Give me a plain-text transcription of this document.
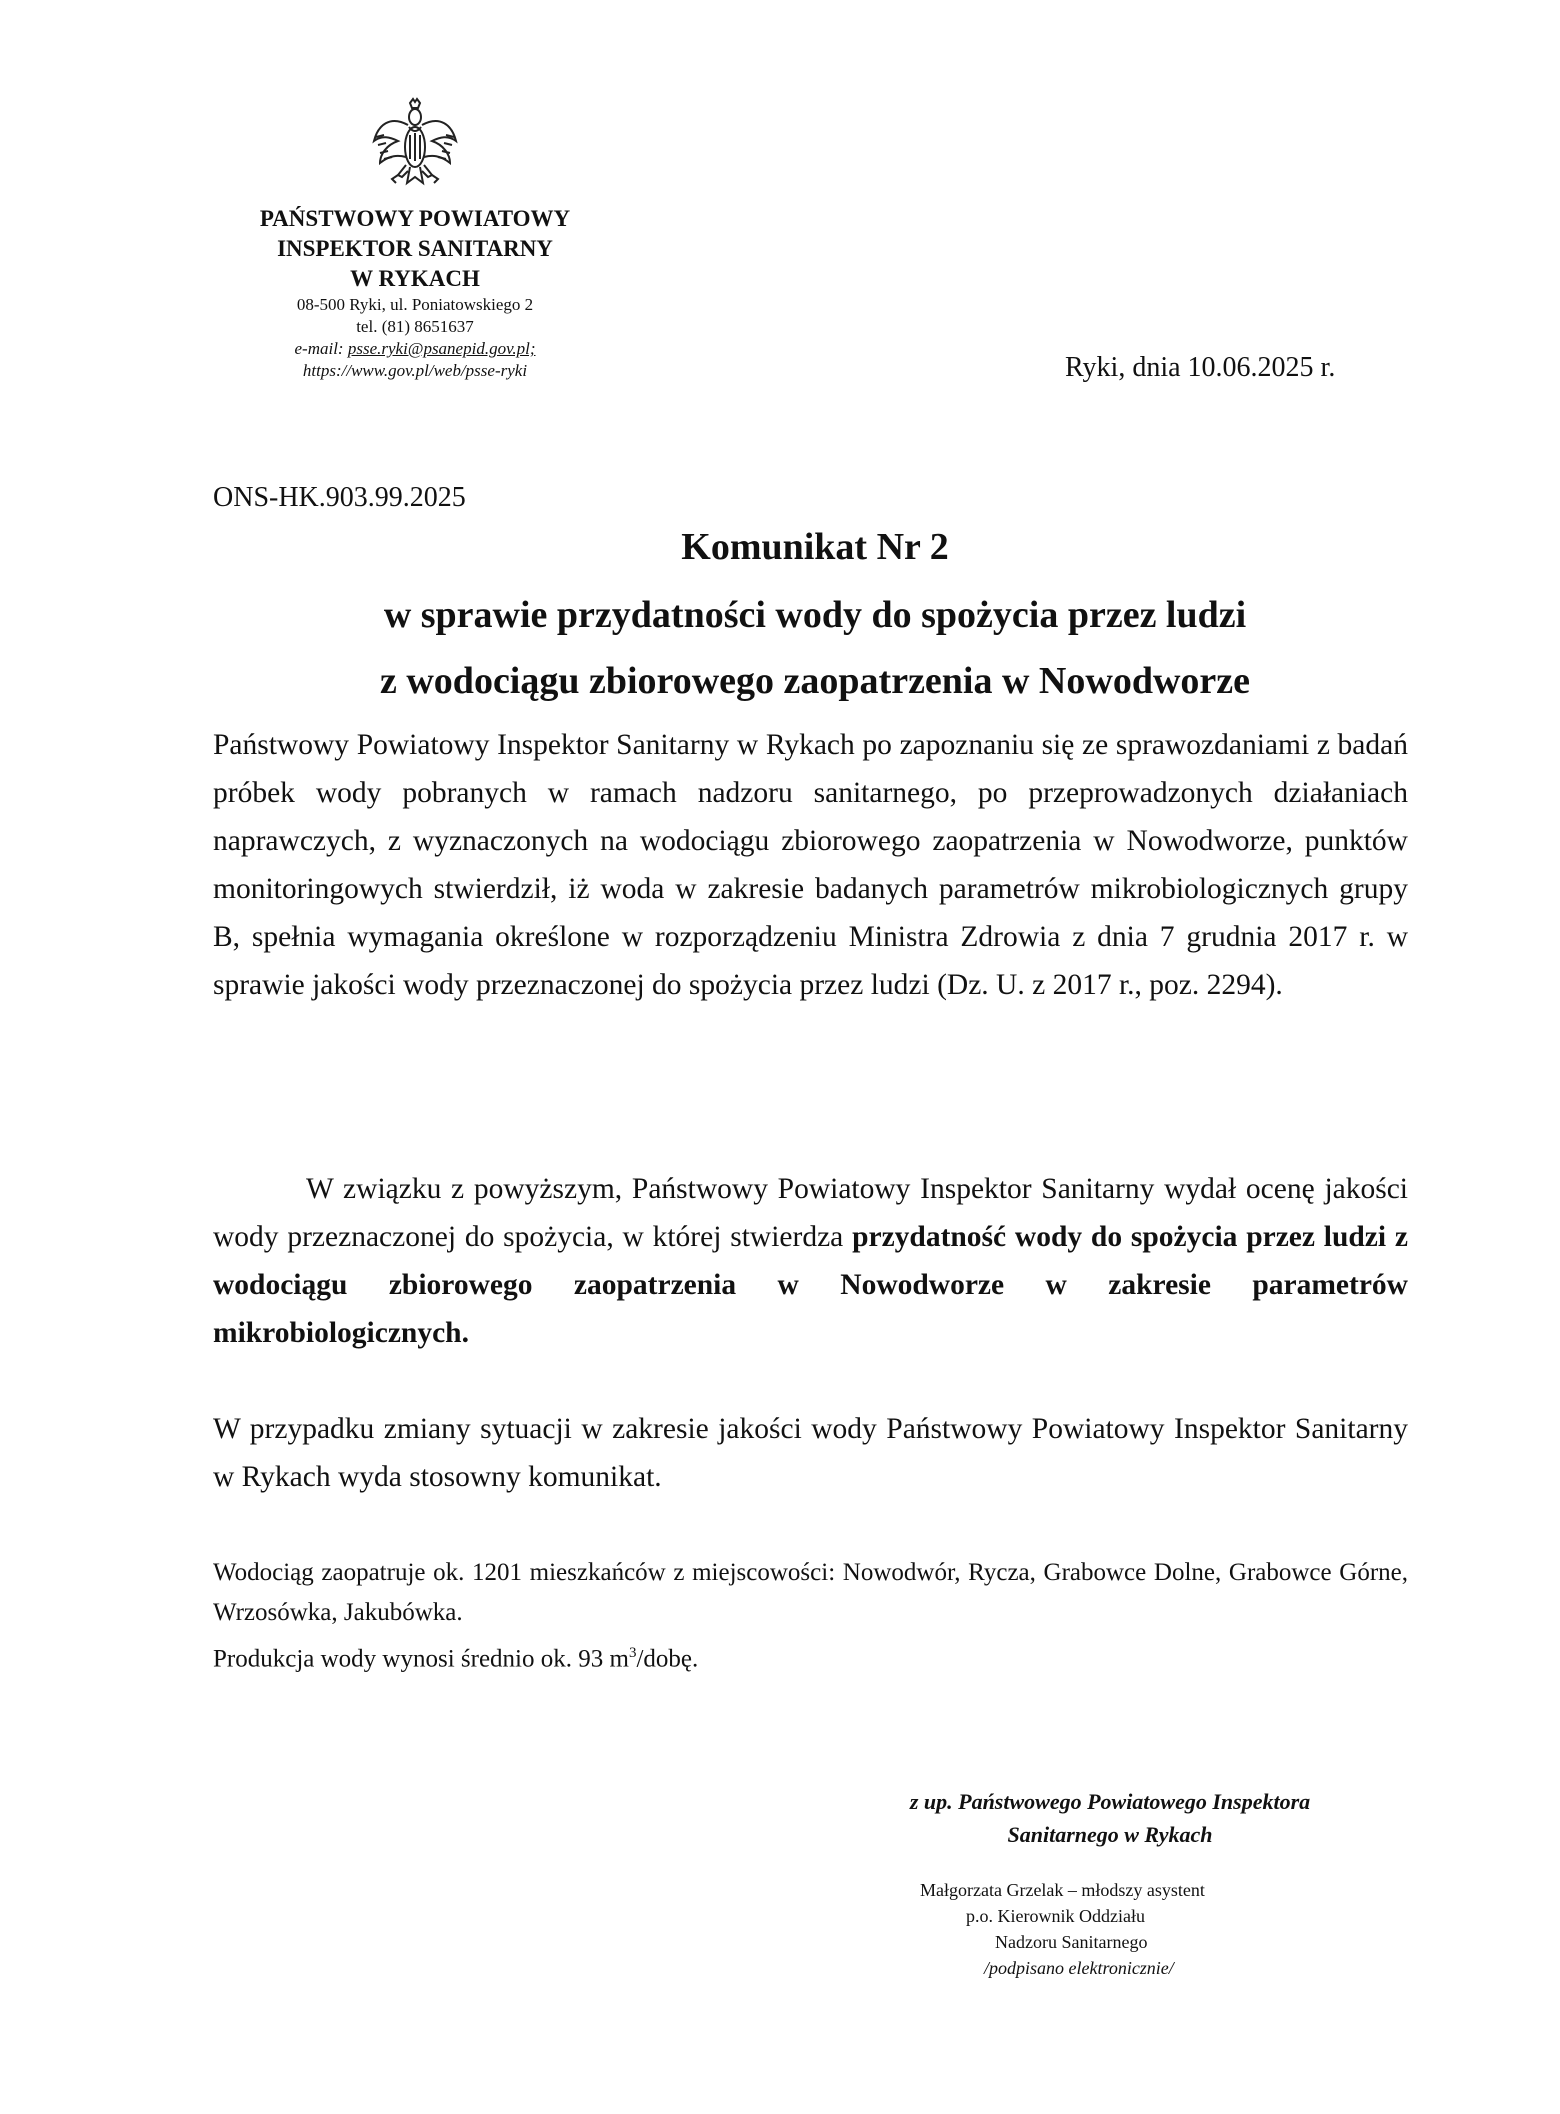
PAŃSTWOWY POWIATOWY
INSPEKTOR SANITARNY
W RYKACH
08-500 Ryki, ul. Poniatowskiego 2
tel. (81) 8651637
e-mail: psse.ryki@psanepid.gov.pl;
https://www.gov.pl/web/psse-ryki	Ryki, dnia 10.06.2025 r.
ONS-HK.903.99.2025
Komunikat Nr 2
w sprawie przydatności wody do spożycia przez ludzi
z wodociągu zbiorowego zaopatrzenia w Nowodworze

Państwowy Powiatowy Inspektor Sanitarny w Rykach po zapoznaniu się ze sprawozdaniami z badań próbek wody pobranych w ramach nadzoru sanitarnego, po przeprowadzonych działaniach naprawczych, z wyznaczonych na wodociągu zbiorowego zaopatrzenia w Nowodworze, punktów monitoringowych stwierdził, iż woda w zakresie badanych parametrów mikrobiologicznych grupy B, spełnia wymagania określone w rozporządzeniu Ministra Zdrowia z dnia 7 grudnia 2017 r. w sprawie jakości wody przeznaczonej do spożycia przez ludzi (Dz. U. z 2017 r., poz. 2294).

W związku z powyższym, Państwowy Powiatowy Inspektor Sanitarny wydał ocenę jakości wody przeznaczonej do spożycia, w której stwierdza przydatność wody do spożycia przez ludzi z wodociągu zbiorowego zaopatrzenia w Nowodworze w zakresie parametrów mikrobiologicznych.

W przypadku zmiany sytuacji w zakresie jakości wody Państwowy Powiatowy Inspektor Sanitarny w Rykach wyda stosowny komunikat.

Wodociąg zaopatruje ok. 1201 mieszkańców z miejscowości: Nowodwór, Rycza, Grabowce Dolne, Grabowce Górne, Wrzosówka, Jakubówka.

Produkcja wody wynosi średnio ok. 93 $m^3$/dobę.

z up. Państwowego Powiatowego Inspektora
Sanitarnego w Rykach
Małgorzata Grzelak – młodszy asystent
p.o. Kierownik Oddziału
Nadzoru Sanitarnego
/podpisano elektronicznie/
